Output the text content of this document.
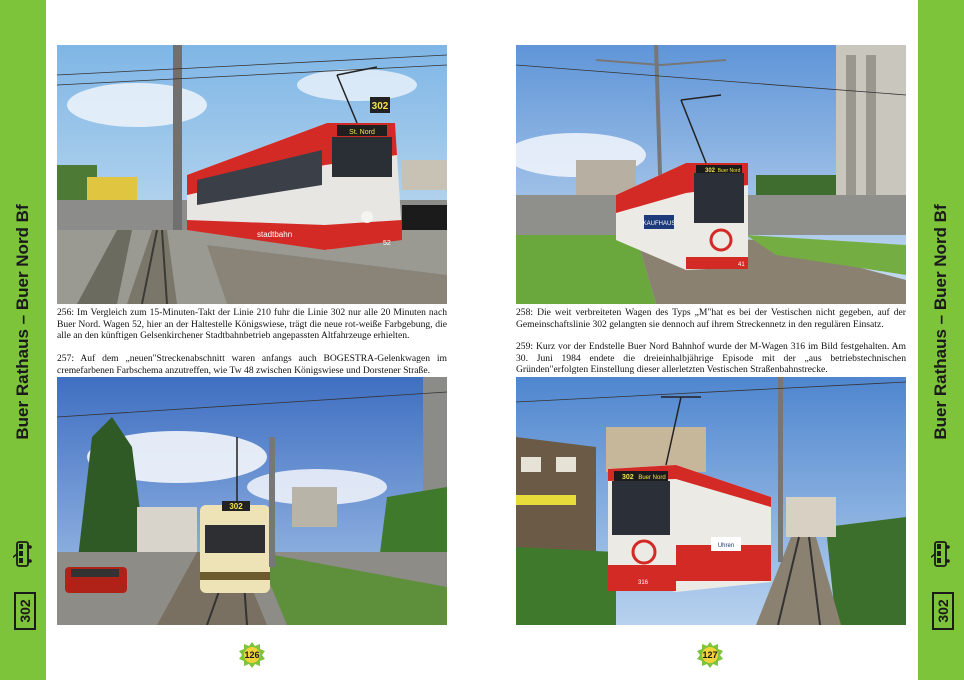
Buer Rathaus – Buer Nord Bf
302
Buer Rathaus – Buer Nord Bf
302
302
St. Nord
stadtbahn
52

256: Im Vergleich zum 15-Minuten-Takt der Linie 210 fuhr die Linie 302 nur alle 20 Minuten nach Buer Nord. Wagen 52, hier an der Haltestelle Königswiese, trägt die neue rot-weiße Farbgebung, die alle an den künftigen Gelsenkirchener Stadtbahnbetrieb angepassten Altfahrzeuge erhielten.

257: Auf dem „neuen"Streckenabschnitt waren anfangs auch BOGESTRA-Gelenkwagen im cremefarbenen Farbschema anzutreffen, wie Tw 48 zwischen Königswiese und Dorstener Straße.

302
302 Buer Nord
KAUFHAUS
41

258: Die weit verbreiteten Wagen des Typs „M"hat es bei der Vestischen nicht gegeben, auf der Gemeinschaftslinie 302 gelangten sie dennoch auf ihrem Streckennetz in den regulären Einsatz.

259: Kurz vor der Endstelle Buer Nord Bahnhof wurde der M-Wagen 316 im Bild festgehalten. Am 30. Juni 1984 endete die dreieinhalbjährige Episode mit der „aus betriebstechnischen Gründen"erfolgten Einstellung dieser allerletzten Vestischen Straßenbahnstrecke.

302 Buer Nord
Uhren
316
126	127
